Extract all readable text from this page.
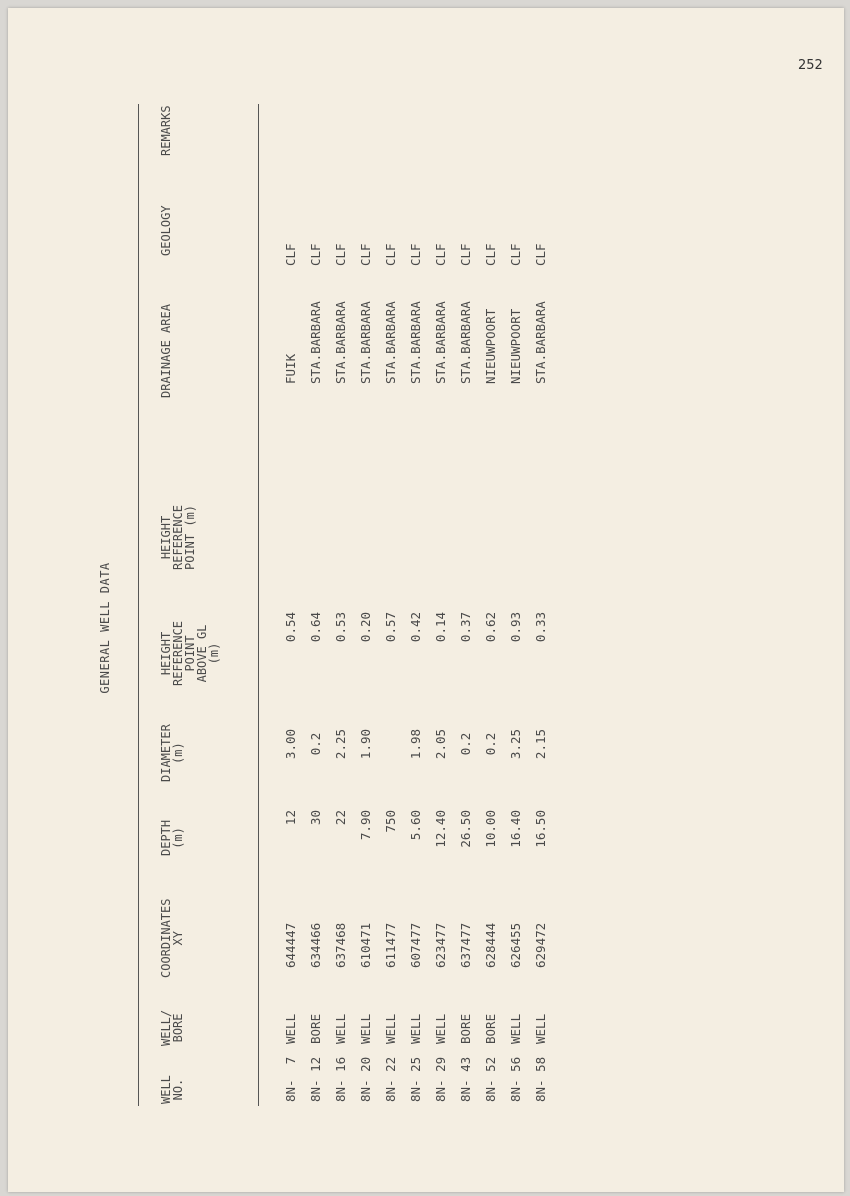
252
GENERAL WELL DATA
WELL
NO.
WELL/
BORE
COORDINATES
XY
DEPTH
(m)
DIAMETER
(m)
HEIGHT
REFERENCE
POINT
ABOVE GL
(m)
HEIGHT
REFERENCE
POINT (m)
DRAINAGE AREA
GEOLOGY
REMARKS
8N-  7
WELL
644447
12
3.00
0.54
FUIK
CLF
8N- 12
BORE
634466
30
0.2
0.64
STA.BARBARA
CLF
8N- 16
WELL
637468
22
2.25
0.53
STA.BARBARA
CLF
8N- 20
WELL
610471
7.90
1.90
0.20
STA.BARBARA
CLF
8N- 22
WELL
611477
750
0.57
STA.BARBARA
CLF
8N- 25
WELL
607477
5.60
1.98
0.42
STA.BARBARA
CLF
8N- 29
WELL
623477
12.40
2.05
0.14
STA.BARBARA
CLF
8N- 43
BORE
637477
26.50
0.2
0.37
STA.BARBARA
CLF
8N- 52
BORE
628444
10.00
0.2
0.62
NIEUWPOORT
CLF
8N- 56
WELL
626455
16.40
3.25
0.93
NIEUWPOORT
CLF
8N- 58
WELL
629472
16.50
2.15
0.33
STA.BARBARA
CLF
